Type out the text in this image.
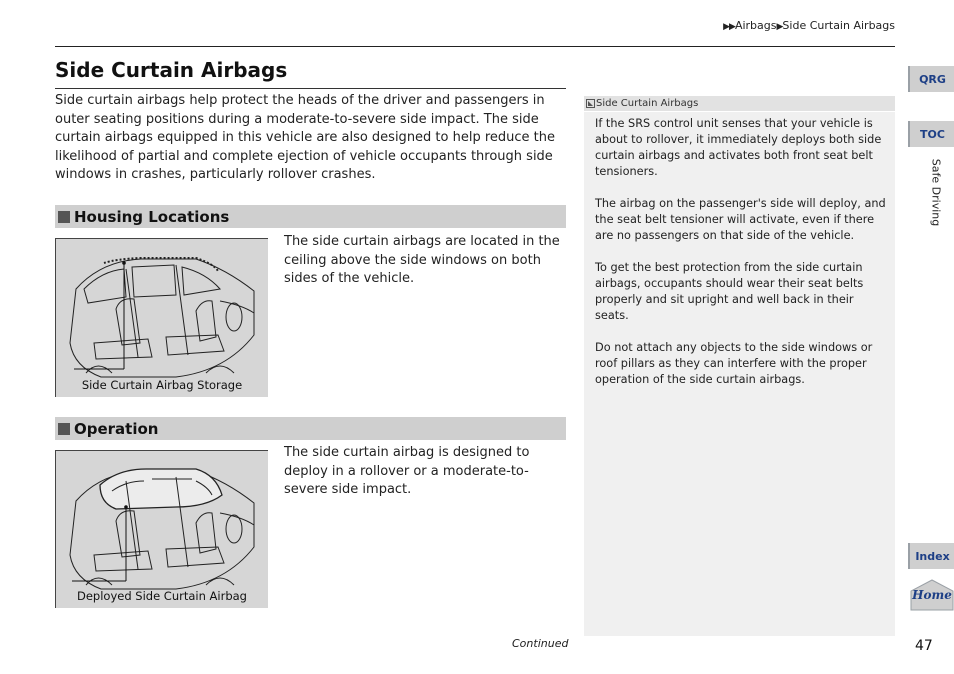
▶▶Airbags▶Side Curtain Airbags
Side Curtain Airbags
Side curtain airbags help protect the heads of the driver and passengers in outer seating positions during a moderate-to-severe side impact. The side curtain airbags equipped in this vehicle are also designed to help reduce the likelihood of partial and complete ejection of vehicle occupants through side windows in crashes, particularly rollover crashes.
Housing Locations
Side Curtain Airbag Storage
The side curtain airbags are located in the ceiling above the side windows on both sides of the vehicle.
Operation
Deployed Side Curtain Airbag
The side curtain airbag is designed to deploy in a rollover or a moderate-to-severe side impact.
Side Curtain Airbags

If the SRS control unit senses that your vehicle is about to rollover, it immediately deploys both side curtain airbags and activates both front seat belt tensioners.

The airbag on the passenger's side will deploy, and the seat belt tensioner will activate, even if there are no passengers on that side of the vehicle.

To get the best protection from the side curtain airbags, occupants should wear their seat belts properly and sit upright and well back in their seats.

Do not attach any objects to the side windows or roof pillars as they can interfere with the proper operation of the side curtain airbags.

QRG
TOC
Safe Driving
Index
Home
Continued	47
